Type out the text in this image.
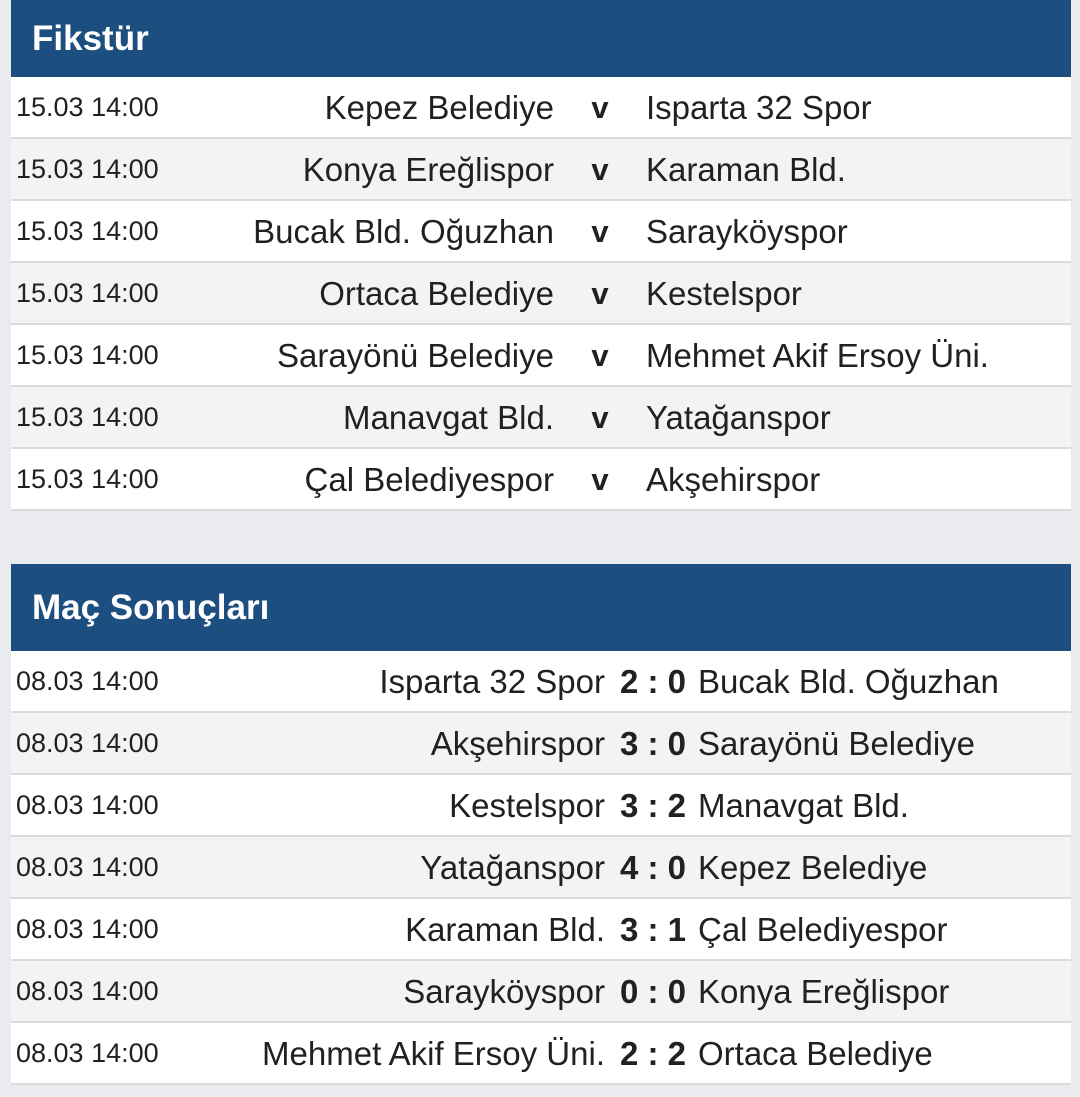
Fikstür
15.03 14:00	Kepez Belediye v Isparta 32 Spor
15.03 14:00	Konya Ereğlispor v Karaman Bld.
15.03 14:00	Bucak Bld. Oğuzhan v Sarayköyspor
15.03 14:00	Ortaca Belediye v Kestelspor
15.03 14:00	Sarayönü Belediye v Mehmet Akif Ersoy Üni.
15.03 14:00	Manavgat Bld. v Yatağanspor
15.03 14:00	Çal Belediyespor v Akşehirspor
Maç Sonuçları
08.03 14:00	Isparta 32 Spor 2 : 0 Bucak Bld. Oğuzhan
08.03 14:00	Akşehirspor 3 : 0 Sarayönü Belediye
08.03 14:00	Kestelspor 3 : 2 Manavgat Bld.
08.03 14:00	Yatağanspor 4 : 0 Kepez Belediye
08.03 14:00	Karaman Bld. 3 : 1 Çal Belediyespor
08.03 14:00	Sarayköyspor 0 : 0 Konya Ereğlispor
08.03 14:00	Mehmet Akif Ersoy Üni. 2 : 2 Ortaca Belediye
